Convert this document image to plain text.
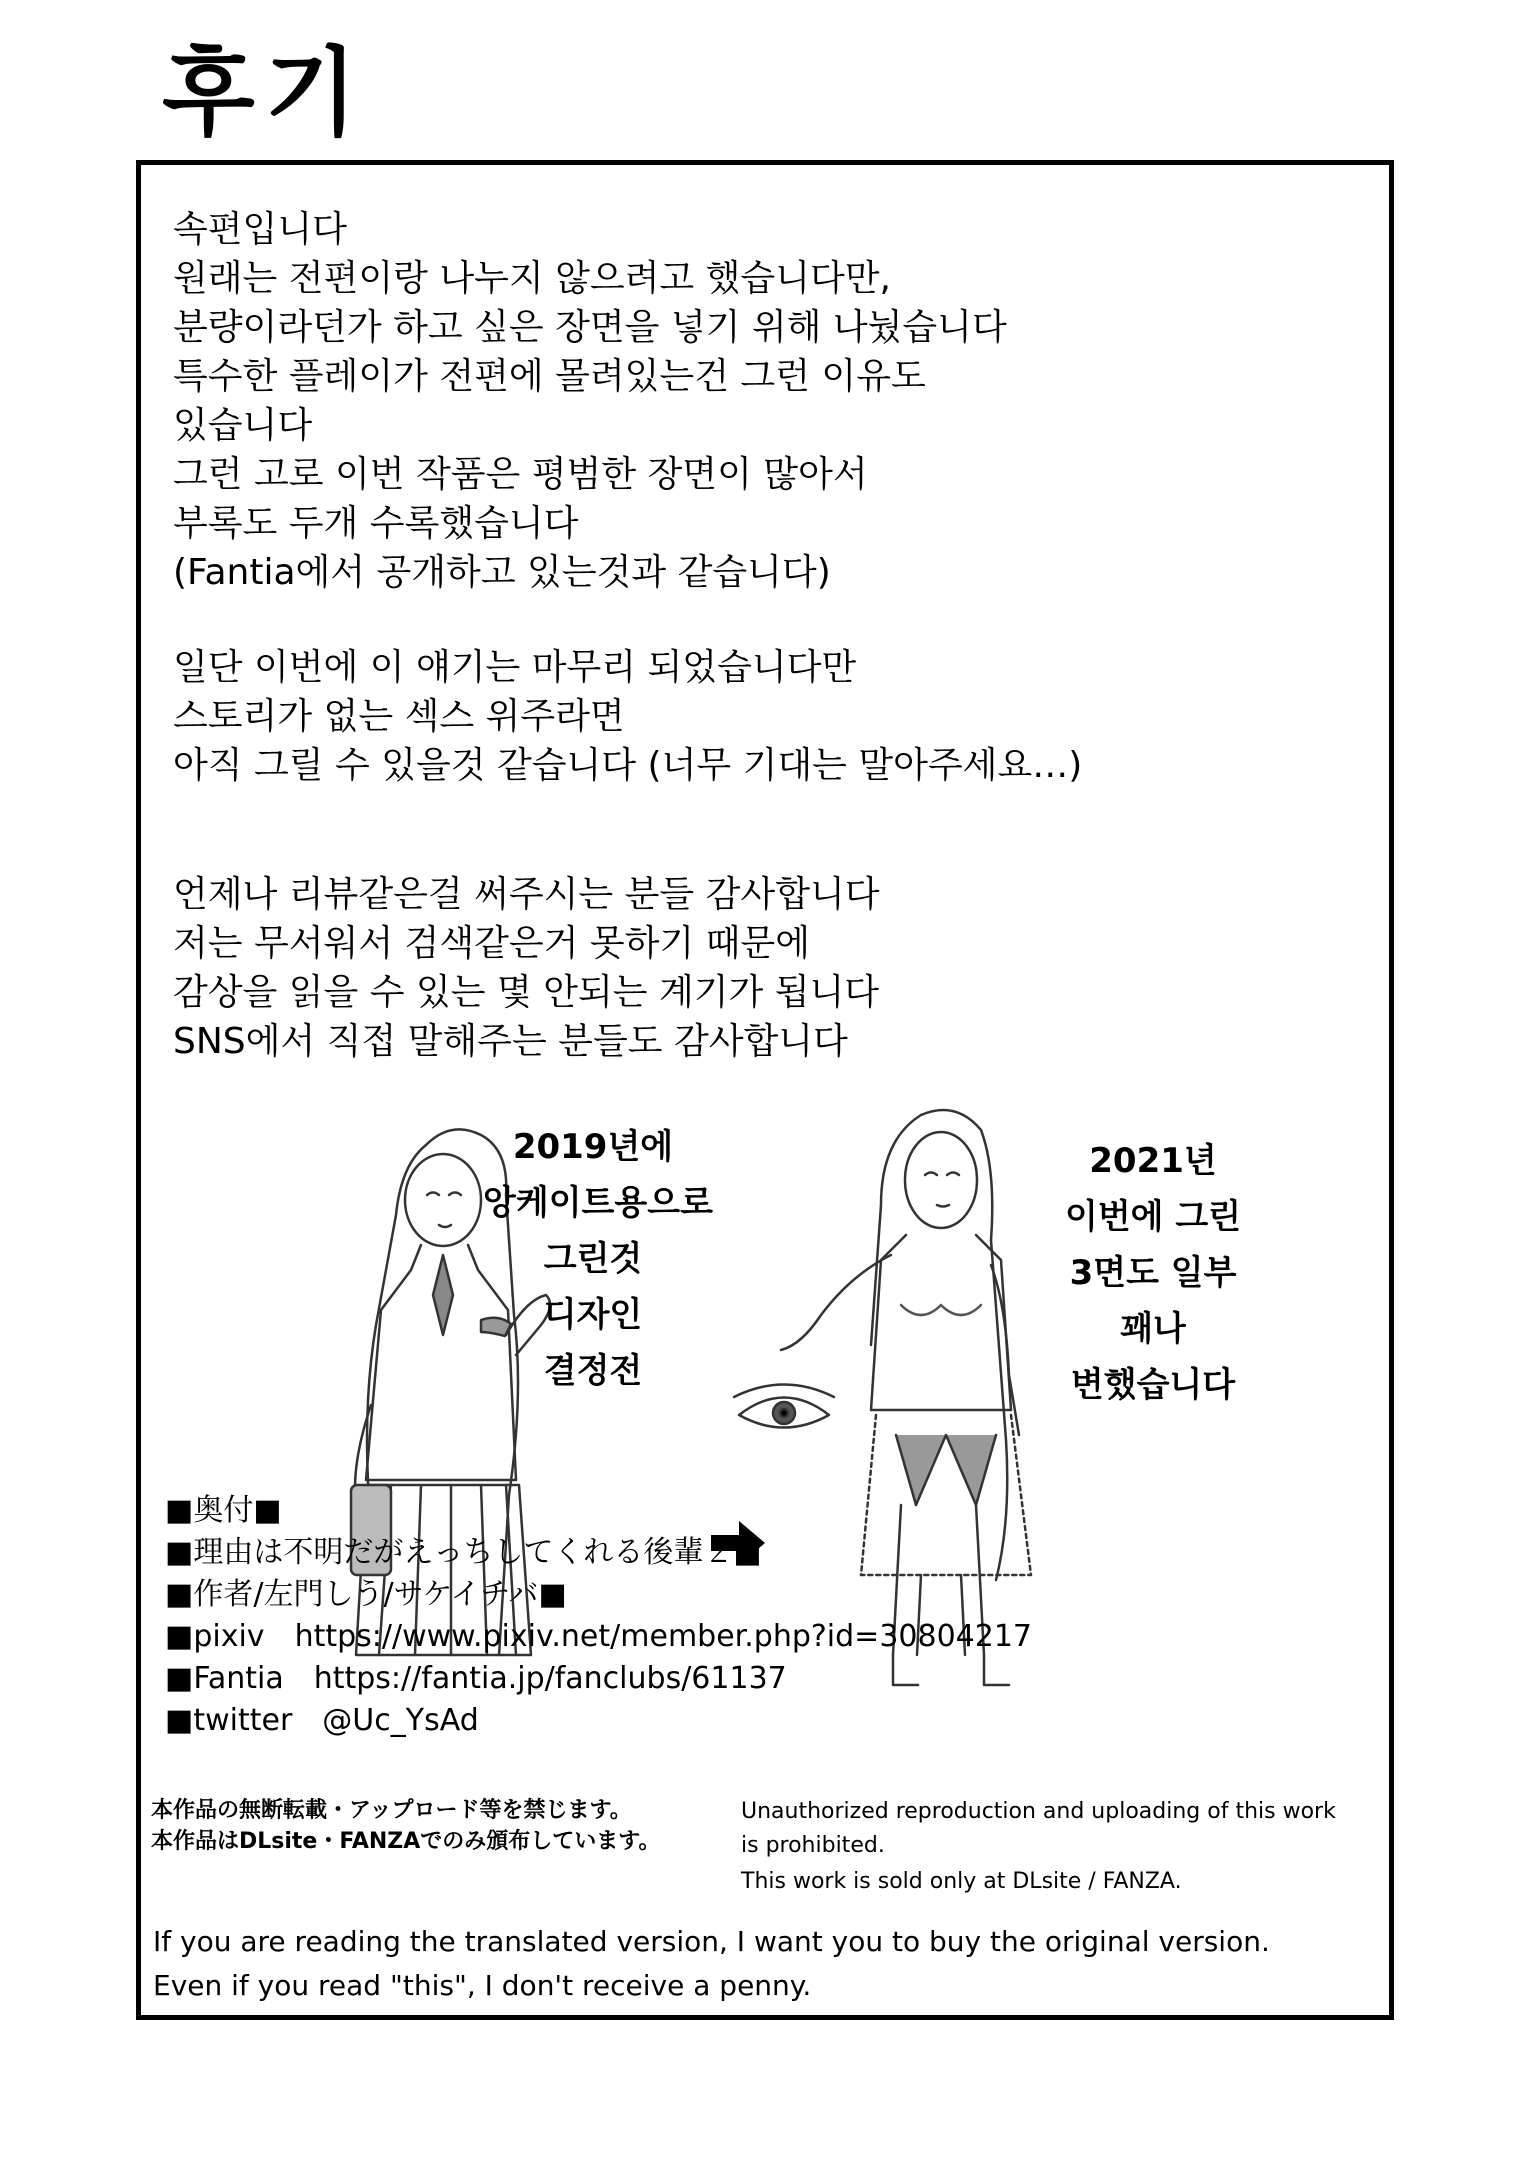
후기
속편입니다
원래는 전편이랑 나누지 않으려고 했습니다만,
분량이라던가 하고 싶은 장면을 넣기 위해 나눴습니다
특수한 플레이가 전편에 몰려있는건 그런 이유도
있습니다
그런 고로 이번 작품은 평범한 장면이 많아서
부록도 두개 수록했습니다
(Fantia에서 공개하고 있는것과 같습니다)
일단 이번에 이 얘기는 마무리 되었습니다만
스토리가 없는 섹스 위주라면
아직 그릴 수 있을것 같습니다 (너무 기대는 말아주세요…)
언제나 리뷰같은걸 써주시는 분들 감사합니다
저는 무서워서 검색같은거 못하기 때문에
감상을 읽을 수 있는 몇 안되는 계기가 됩니다
SNS에서 직접 말해주는 분들도 감사합니다
2019년에
앙케이트용으로
그린것
디자인
결정전
2021년
이번에 그린
3면도 일부
꽤나
변했습니다
■奥付■
■理由は不明だがえっちしてくれる後輩２■
■作者/左門しう/サケイチバ■
■pixiv　https://www.pixiv.net/member.php?id=30804217
■Fantia　https://fantia.jp/fanclubs/61137
■twitter　@Uc_YsAd
本作品の無断転載・アップロード等を禁じます。
本作品はDLsite・FANZAでのみ頒布しています。
Unauthorized reproduction and uploading of this work
is prohibited.
This work is sold only at DLsite / FANZA.
If you are reading the translated version, I want you to buy the original version.
Even if you read "this", I don't receive a penny.
